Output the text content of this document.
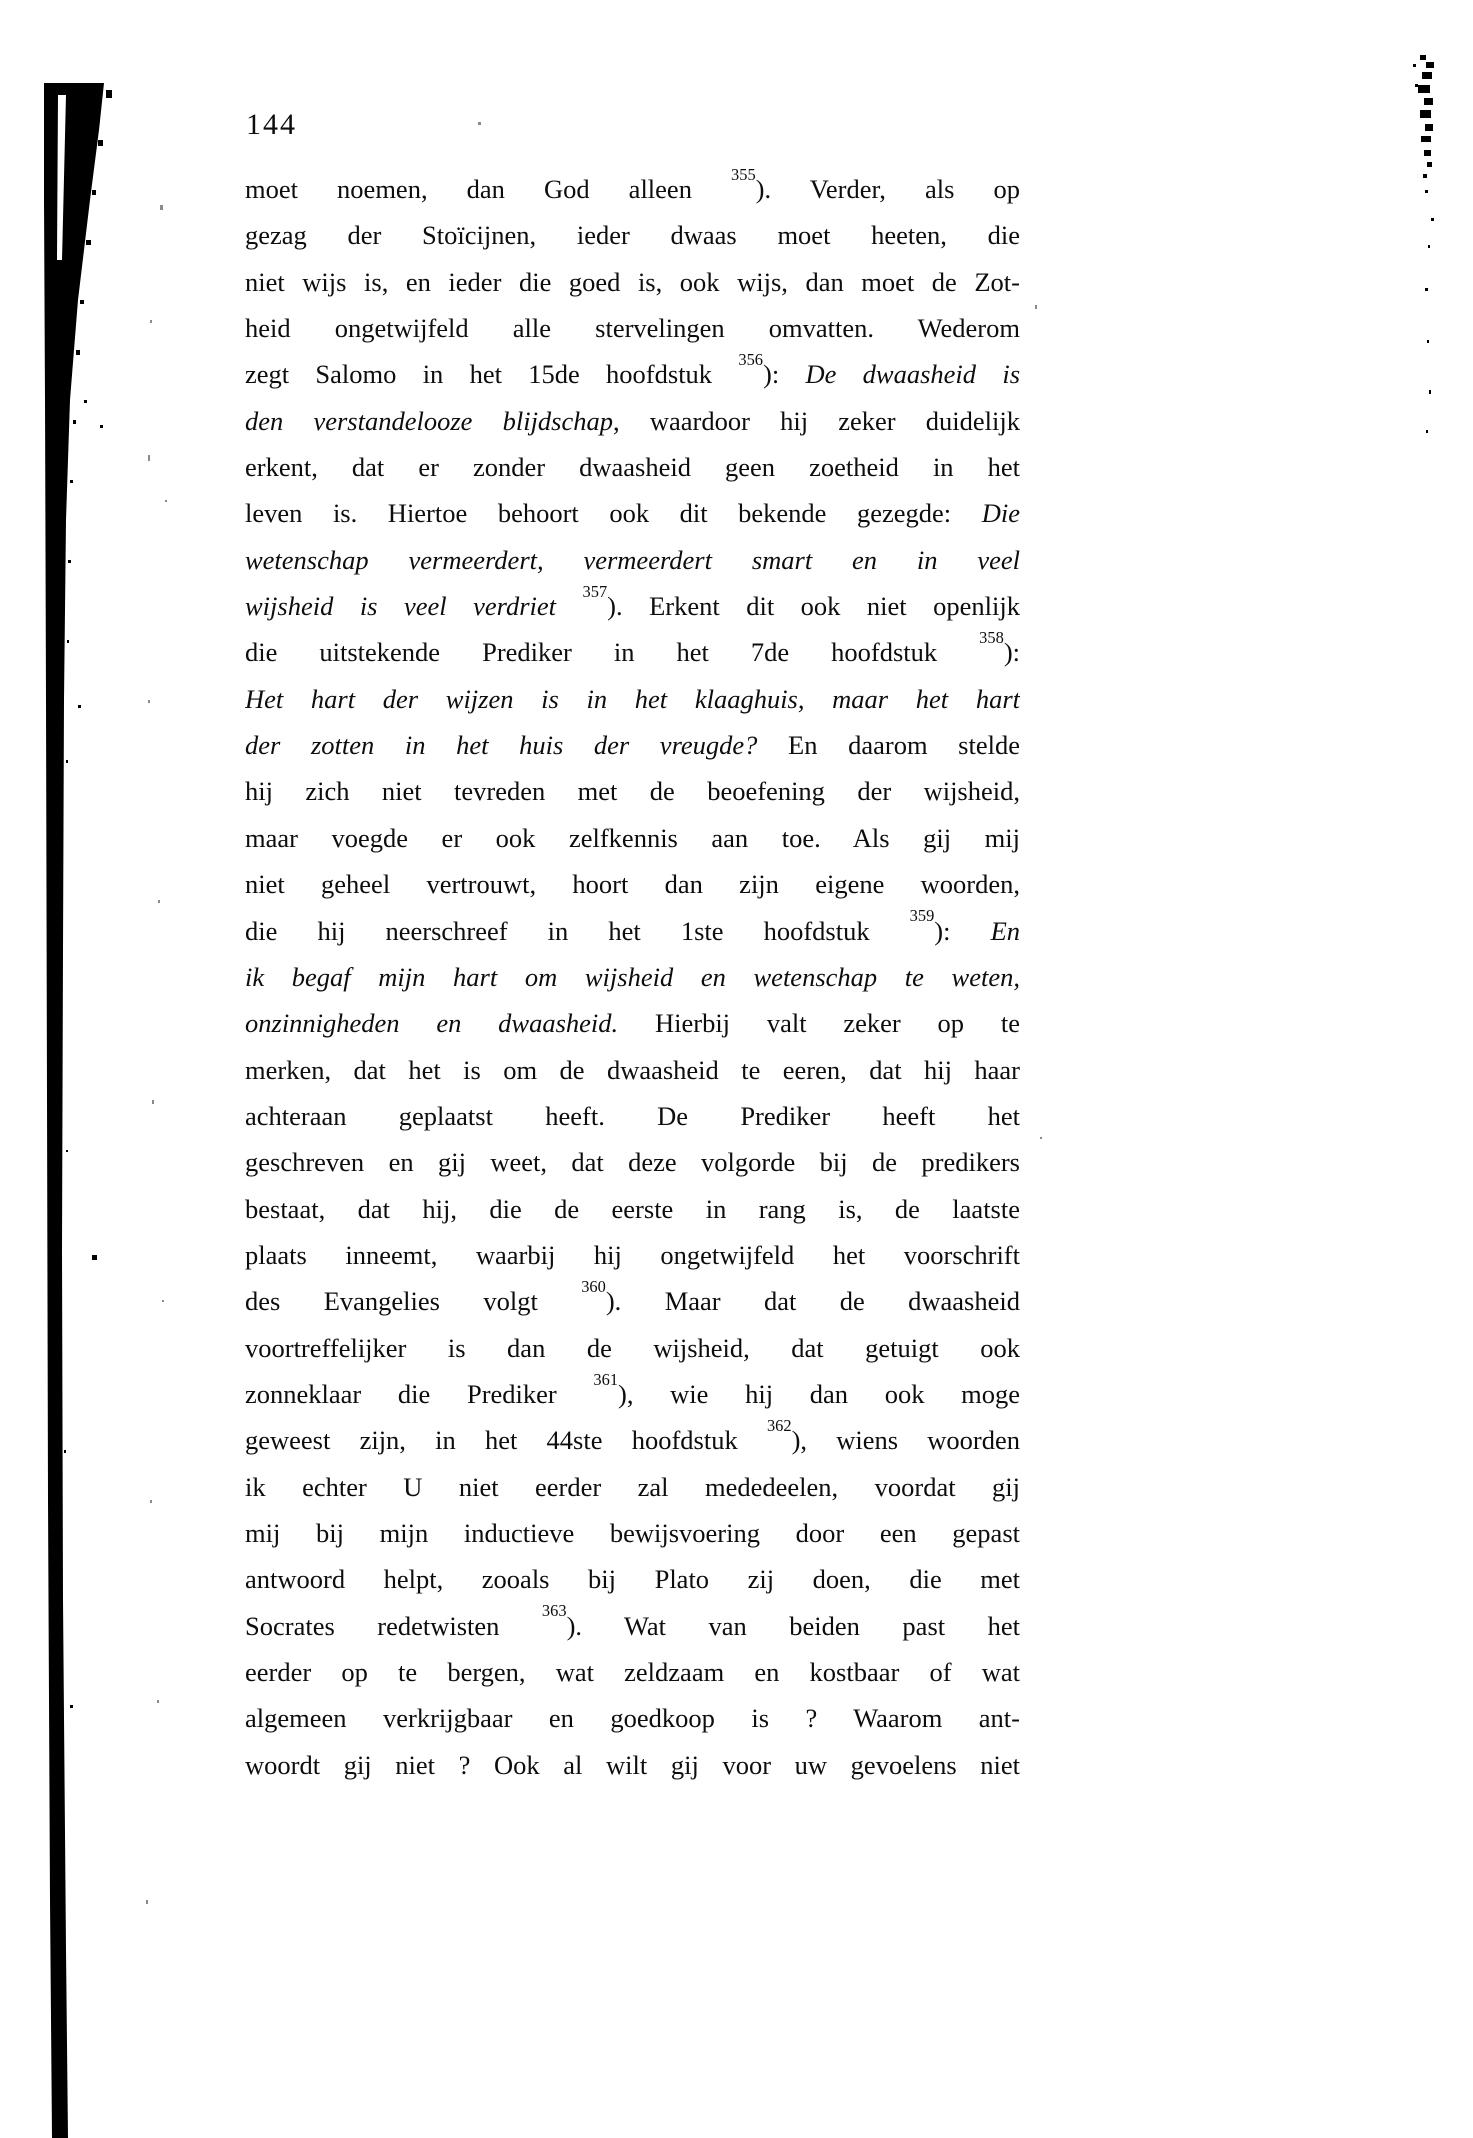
144
moet noemen, dan God alleen $^{355}$). Verder, als op
gezag der Stoïcijnen, ieder dwaas moet heeten, die
niet wijs is, en ieder die goed is, ook wijs, dan moet de Zot-
heid ongetwijfeld alle stervelingen omvatten. Wederom
zegt Salomo in het 15de hoofdstuk $^{356}$): De dwaasheid is
den verstandelooze blijdschap, waardoor hij zeker duidelijk
erkent, dat er zonder dwaasheid geen zoetheid in het
leven is. Hiertoe behoort ook dit bekende gezegde: Die
wetenschap vermeerdert, vermeerdert smart en in veel
wijsheid is veel verdriet $^{357}$). Erkent dit ook niet openlijk
die uitstekende Prediker in het 7de hoofdstuk $^{358}$):
Het hart der wijzen is in het klaaghuis, maar het hart
der zotten in het huis der vreugde? En daarom stelde
hij zich niet tevreden met de beoefening der wijsheid,
maar voegde er ook zelfkennis aan toe. Als gij mij
niet geheel vertrouwt, hoort dan zijn eigene woorden,
die hij neerschreef in het 1ste hoofdstuk $^{359}$): En
ik begaf mijn hart om wijsheid en wetenschap te weten,
onzinnigheden en dwaasheid. Hierbij valt zeker op te
merken, dat het is om de dwaasheid te eeren, dat hij haar
achteraan geplaatst heeft. De Prediker heeft het
geschreven en gij weet, dat deze volgorde bij de predikers
bestaat, dat hij, die de eerste in rang is, de laatste
plaats inneemt, waarbij hij ongetwijfeld het voorschrift
des Evangelies volgt $^{360}$). Maar dat de dwaasheid
voortreffelijker is dan de wijsheid, dat getuigt ook
zonneklaar die Prediker $^{361}$), wie hij dan ook moge
geweest zijn, in het 44ste hoofdstuk $^{362}$), wiens woorden
ik echter U niet eerder zal mededeelen, voordat gij
mij bij mijn inductieve bewijsvoering door een gepast
antwoord helpt, zooals bij Plato zij doen, die met
Socrates redetwisten $^{363}$). Wat van beiden past het
eerder op te bergen, wat zeldzaam en kostbaar of wat
algemeen verkrijgbaar en goedkoop is ? Waarom ant-
woordt gij niet ? Ook al wilt gij voor uw gevoelens niet
